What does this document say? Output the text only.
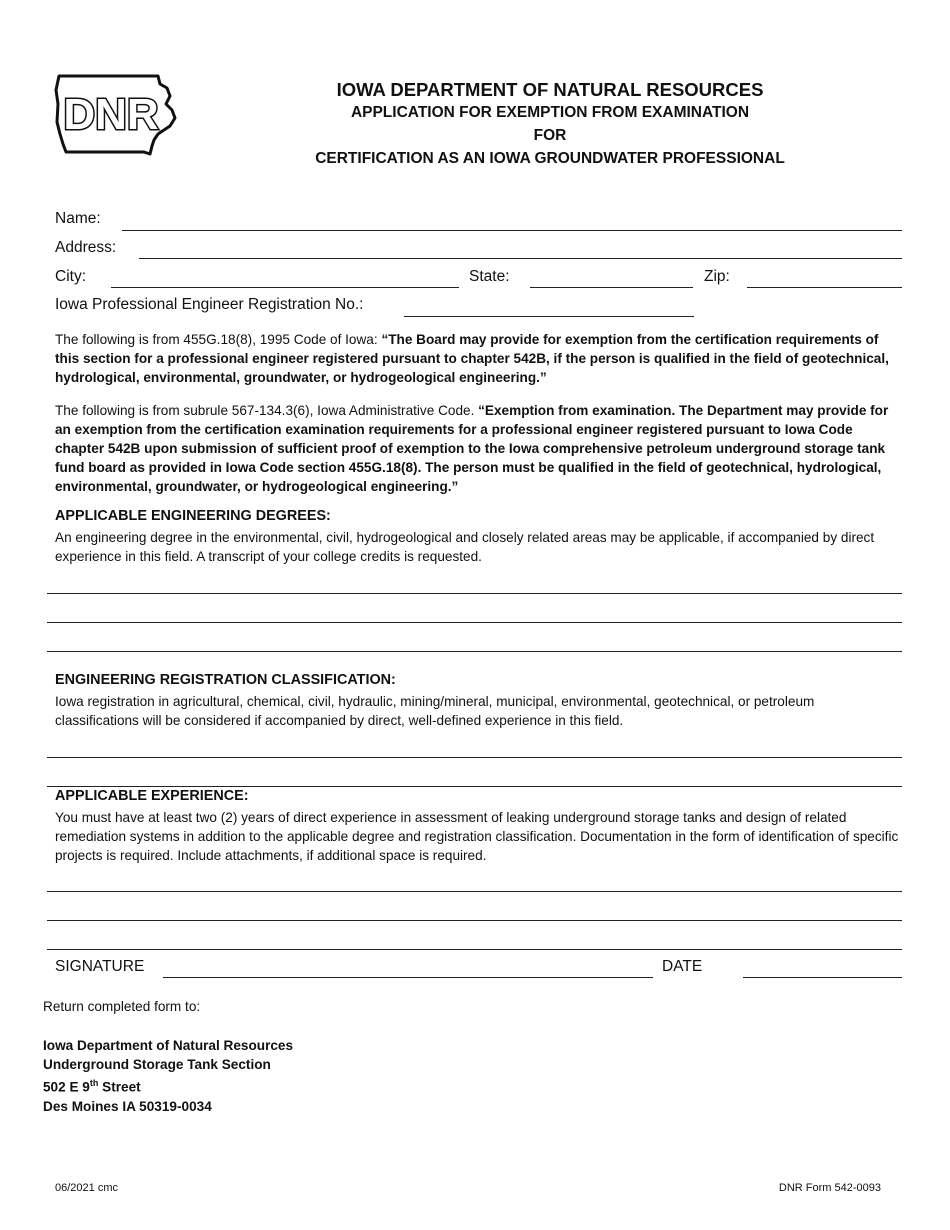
DNR
IOWA DEPARTMENT OF NATURAL RESOURCES
APPLICATION FOR EXEMPTION FROM EXAMINATION
FOR
CERTIFICATION AS AN IOWA GROUNDWATER PROFESSIONAL
Name:
Address:
City:	State:	Zip:
Iowa Professional Engineer Registration No.:
The following is from 455G.18(8), 1995 Code of Iowa: “The Board may provide for exemption from the certification requirements of this section for a professional engineer registered pursuant to chapter 542B, if the person is qualified in the field of geotechnical, hydrological, environmental, groundwater, or hydrogeological engineering.”
The following is from subrule 567-134.3(6), Iowa Administrative Code. “Exemption from examination. The Department may provide for an exemption from the certification examination requirements for a professional engineer registered pursuant to Iowa Code chapter 542B upon submission of sufficient proof of exemption to the Iowa comprehensive petroleum underground storage tank fund board as provided in Iowa Code section 455G.18(8). The person must be qualified in the field of geotechnical, hydrological, environmental, groundwater, or hydrogeological engineering.”
APPLICABLE ENGINEERING DEGREES:
An engineering degree in the environmental, civil, hydrogeological and closely related areas may be applicable, if accompanied by direct experience in this field. A transcript of your college credits is requested.
ENGINEERING REGISTRATION CLASSIFICATION:
Iowa registration in agricultural, chemical, civil, hydraulic, mining/mineral, municipal, environmental, geotechnical, or petroleum classifications will be considered if accompanied by direct, well-defined experience in this field.
APPLICABLE EXPERIENCE:
You must have at least two (2) years of direct experience in assessment of leaking underground storage tanks and design of related remediation systems in addition to the applicable degree and registration classification. Documentation in the form of identification of specific projects is required. Include attachments, if additional space is required.
SIGNATURE	DATE
Return completed form to:
Iowa Department of Natural Resources
Underground Storage Tank Section
502 E 9th Street
Des Moines IA 50319-0034
06/2021 cmc	DNR Form 542-0093
